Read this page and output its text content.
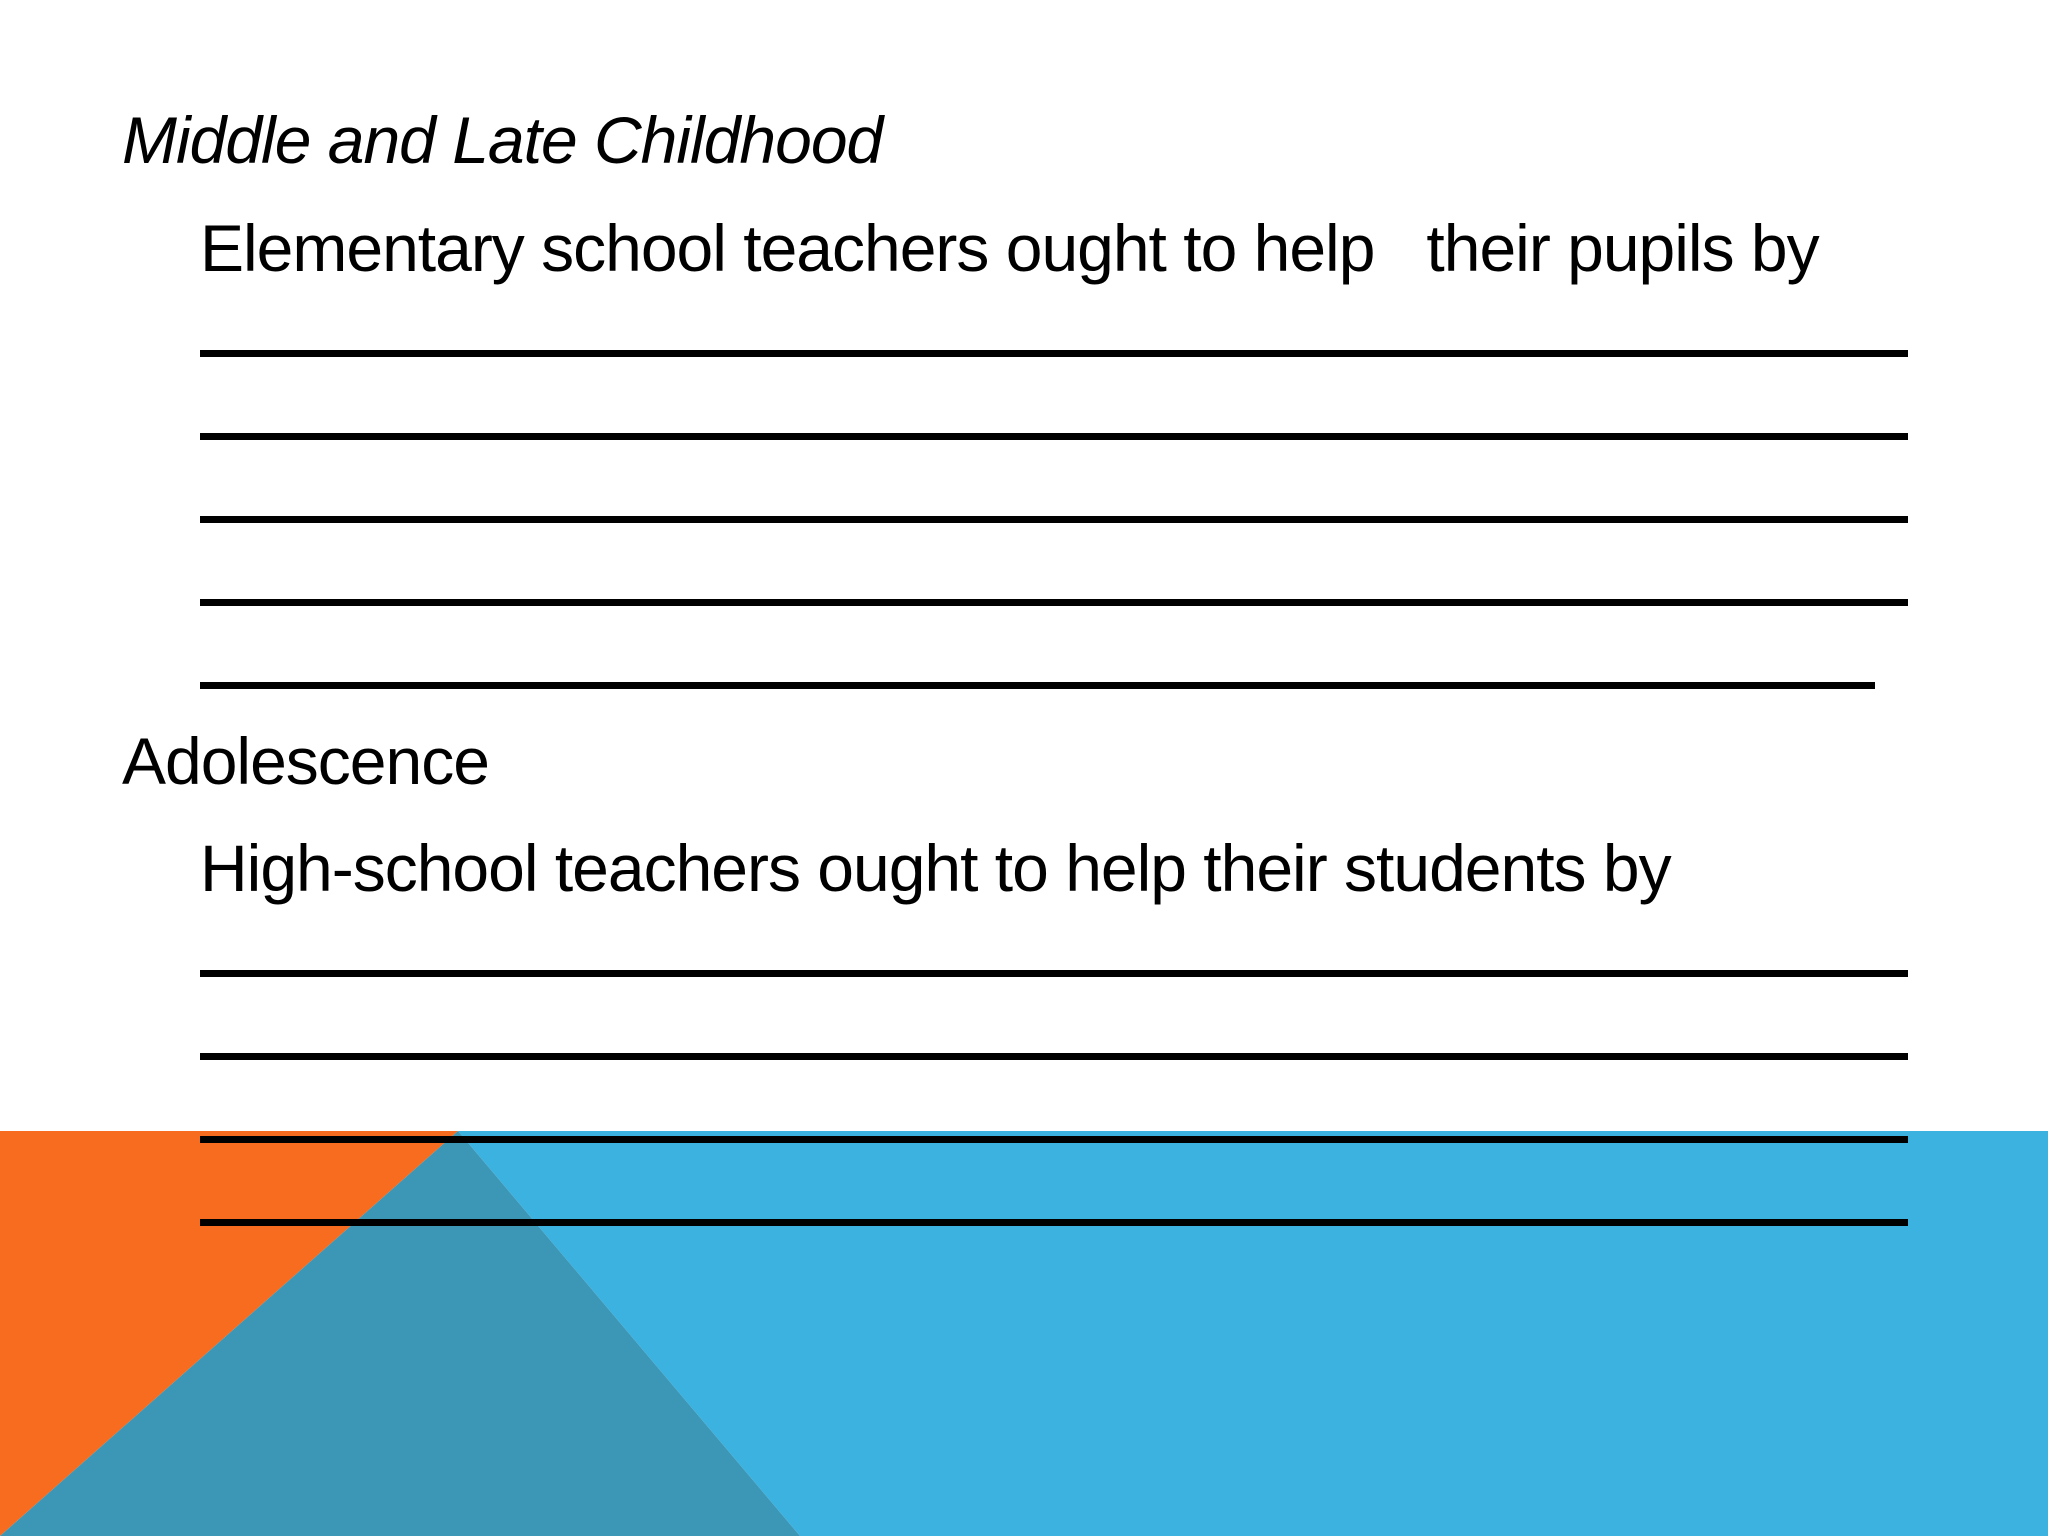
Middle and Late Childhood
Elementary school teachers ought to help   their pupils by
Adolescence
High-school teachers ought to help their students by
